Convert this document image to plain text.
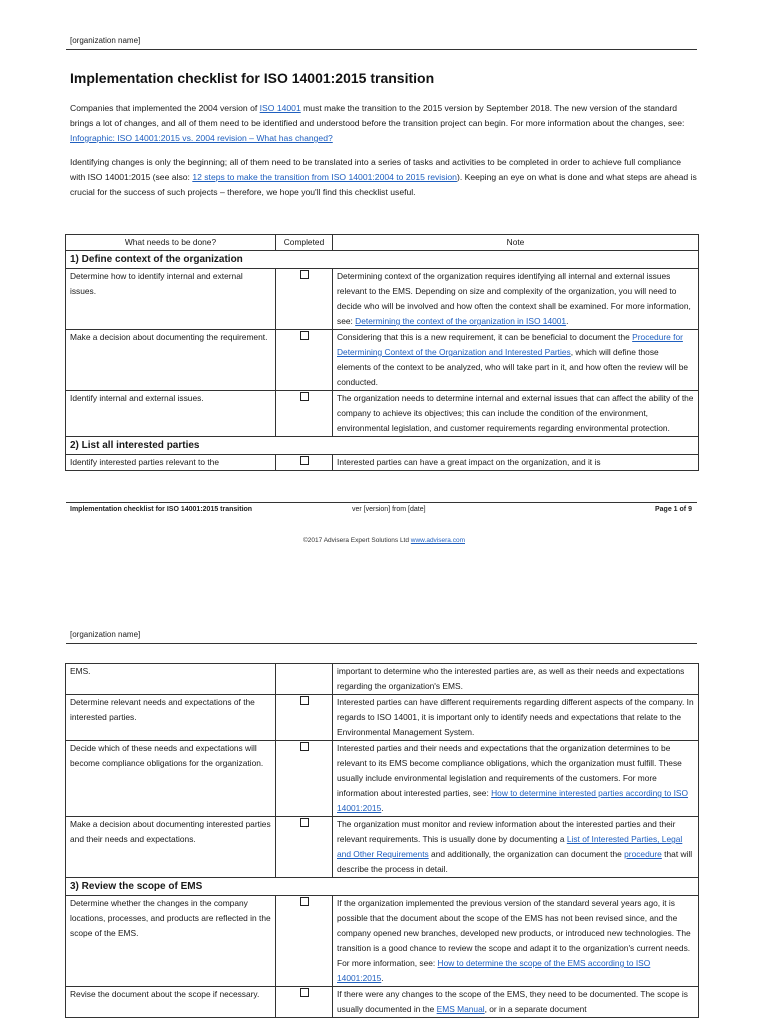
[organization name]
Implementation checklist for ISO 14001:2015 transition
Companies that implemented the 2004 version of ISO 14001 must make the transition to the 2015 version by September 2018. The new version of the standard brings a lot of changes, and all of them need to be identified and understood before the transition project can begin. For more information about the changes, see: Infographic: ISO 14001:2015 vs. 2004 revision – What has changed?
Identifying changes is only the beginning; all of them need to be translated into a series of tasks and activities to be completed in order to achieve full compliance with ISO 14001:2015 (see also: 12 steps to make the transition from ISO 14001:2004 to 2015 revision). Keeping an eye on what is done and what steps are ahead is crucial for the success of such projects – therefore, we hope you'll find this checklist useful.
What needs to be done?	Completed	Note
1) Define context of the organization		
Determine how to identify internal and external issues.		Determining context of the organization requires identifying all internal and external issues relevant to the EMS. Depending on size and complexity of the organization, you will need to decide who will be involved and how often the context shall be examined. For more information, see: Determining the context of the organization in ISO 14001.
Make a decision about documenting the requirement.		Considering that this is a new requirement, it can be beneficial to document the Procedure for Determining Context of the Organization and Interested Parties, which will define those elements of the context to be analyzed, who will take part in it, and how often the review will be conducted.
Identify internal and external issues.		The organization needs to determine internal and external issues that can affect the ability of the company to achieve its objectives; this can include the condition of the environment, environmental legislation, and customer requirements regarding environmental protection.
2) List all interested parties		
Identify interested parties relevant to the		Interested parties can have a great impact on the organization, and it is
Implementation checklist for ISO 14001:2015 transition	ver [version] from [date]	Page 1 of 9
©2017 Advisera Expert Solutions Ltd www.advisera.com
[organization name]
EMS.		important to determine who the interested parties are, as well as their needs and expectations regarding the organization's EMS.
Determine relevant needs and expectations of the interested parties.		Interested parties can have different requirements regarding different aspects of the company. In regards to ISO 14001, it is important only to identify needs and expectations that relate to the Environmental Management System.
Decide which of these needs and expectations will become compliance obligations for the organization.		Interested parties and their needs and expectations that the organization determines to be relevant to its EMS become compliance obligations, which the organization must fulfill. These usually include environmental legislation and requirements of the customers. For more information about interested parties, see: How to determine interested parties according to ISO 14001:2015.
Make a decision about documenting interested parties and their needs and expectations.		The organization must monitor and review information about the interested parties and their relevant requirements. This is usually done by documenting a List of Interested Parties, Legal and Other Requirements and additionally, the organization can document the procedure that will describe the process in detail.
3) Review the scope of EMS		
Determine whether the changes in the company locations, processes, and products are reflected in the scope of the EMS.		If the organization implemented the previous version of the standard several years ago, it is possible that the document about the scope of the EMS has not been revised since, and the company opened new branches, developed new products, or introduced new technologies. The transition is a good chance to review the scope and adapt it to the organization's current needs. For more information, see: How to determine the scope of the EMS according to ISO 14001:2015.
Revise the document about the scope if necessary.		If there were any changes to the scope of the EMS, they need to be documented. The scope is usually documented in the EMS Manual, or in a separate document
